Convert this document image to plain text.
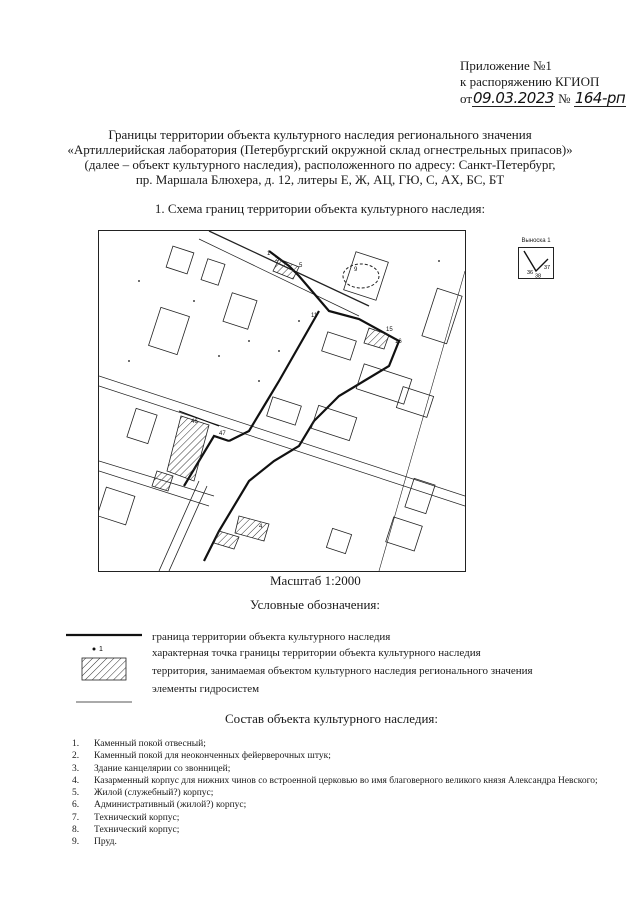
Приложение №1
к распоряжению КГИОП
от09.03.2023 № 164-рп
Границы территории объекта культурного наследия регионального значения
«Артиллерийская лаборатория (Петербургский окружной склад огнестрельных припасов)»
(далее – объект культурного наследия), расположенного по адресу: Санкт-Петербург,
пр. Маршала Блюхера, д. 12, литеры Е, Ж, АЦ, ГЮ, С, АХ, БС, БТ
1. Схема границ территории объекта культурного наследия:
46
47
11
15
16
1
2
5
9
4
Выноска 1
36
37
38
Масштаб 1:2000
Условные обозначения:
1
граница территории объекта культурного наследия
характерная точка границы территории объекта культурного наследия
территория, занимаемая объектом культурного наследия регионального значения
элементы гидросистем
Состав объекта культурного наследия:
1.	Каменный покой отвесный;
2.	Каменный покой для неоконченных фейерверочных штук;
3.	Здание канцелярии со звонницей;
4.	Казарменный корпус для нижних чинов со встроенной церковью во имя благоверного великого князя Александра Невского;
5.	Жилой (служебный?) корпус;
6.	Административный (жилой?) корпус;
7.	Технический корпус;
8.	Технический корпус;
9.	Пруд.
